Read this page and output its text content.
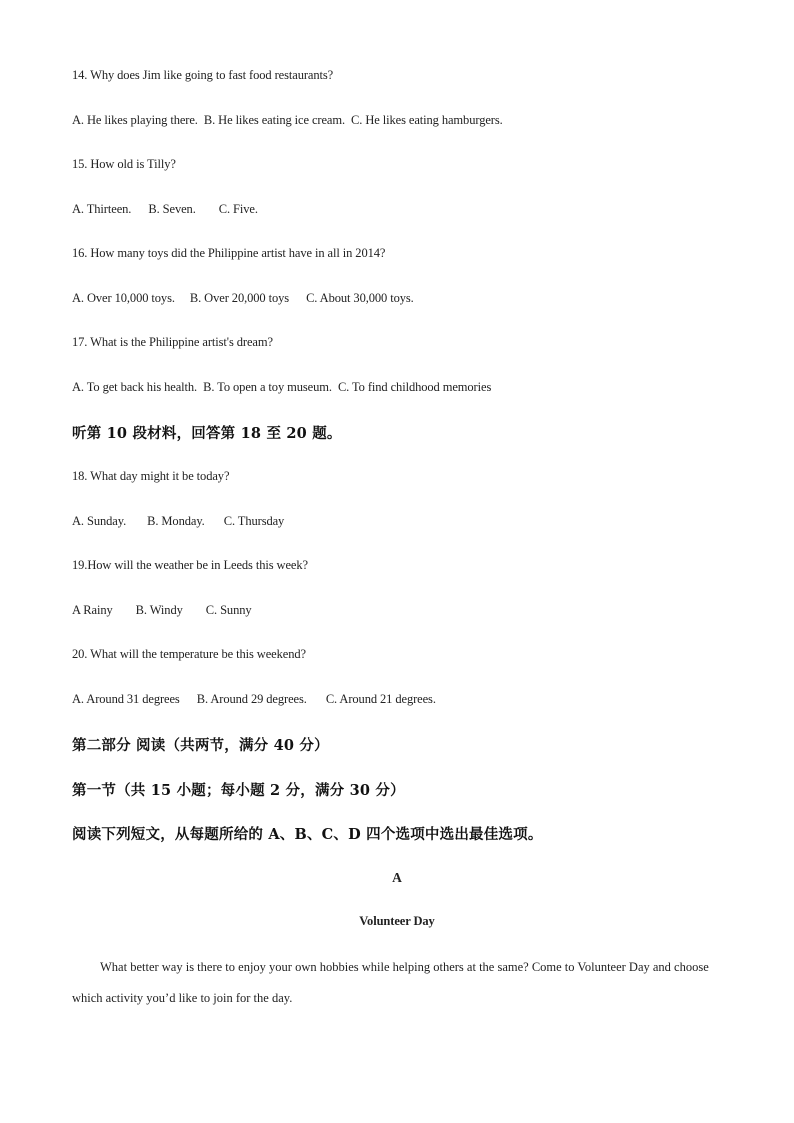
14. Why does Jim like going to fast food restaurants?
A. He likes playing there. B. He likes eating ice cream. C. He likes eating hamburgers.
15. How old is Tilly?
A. Thirteen. B. Seven. C. Five.
16. How many toys did the Philippine artist have in all in 2014?
A. Over 10,000 toys. B. Over 20,000 toys C. About 30,000 toys.
17. What is the Philippine artist's dream?
A. To get back his health. B. To open a toy museum. C. To find childhood memories
听第 10 段材料，回答第 18 至 20 题。
18. What day might it be today?
A. Sunday. B. Monday. C. Thursday
19.How will the weather be in Leeds this week?
A Rainy B. Windy C. Sunny
20. What will the temperature be this weekend?
A. Around 31 degrees B. Around 29 degrees. C. Around 21 degrees.
第二部分 阅读（共两节，满分 40 分）
第一节（共 15 小题；每小题 2 分，满分 30 分）
阅读下列短文，从每题所给的 A、B、C、D 四个选项中选出最佳选项。
A
Volunteer Day
What better way is there to enjoy your own hobbies while helping others at the same? Come to Volunteer Day and choose which activity you’d like to join for the day.
